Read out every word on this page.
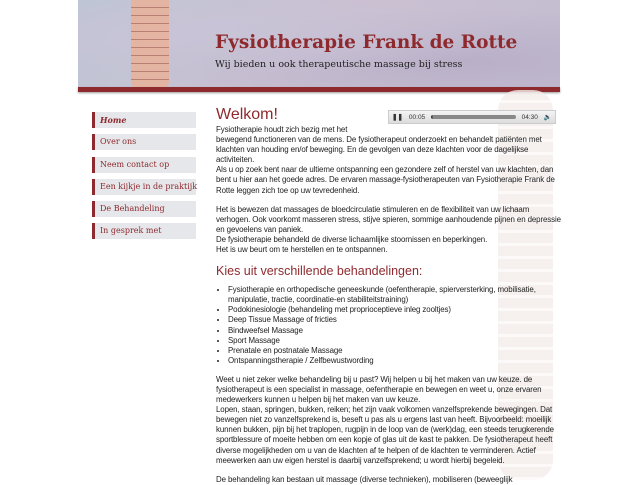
Fysiotherapie Frank de Rotte
Wij bieden u ook therapeutische massage bij stress
Home
Over ons
Neem contact op
Een kijkje in de praktijk
De Behandeling
In gesprek met
Welkom!

Fysiotherapie houdt zich bezig met het
bewegend functioneren van de mens. De fysiotherapeut onderzoekt en behandelt patiënten met klachten van houding en/of beweging. En de gevolgen van deze klachten voor de dagelijkse activiteiten.
Als u op zoek bent naar de ultieme ontspanning een gezondere zelf of herstel van uw klachten, dan bent u hier aan het goede adres. De ervaren massage-fysiotherapeuten van Fysiotherapie Frank de Rotte leggen zich toe op uw tevredenheid.

Het is bewezen dat massages de bloedcirculatie stimuleren en de flexibiliteit van uw lichaam verhogen. Ook voorkomt masseren stress, stijve spieren, sommige aanhoudende pijnen en depressie en gevoelens van paniek.
De fysiotherapie behandeld de diverse lichaamlijke stoornissen en beperkingen.
Het is uw beurt om te herstellen en te ontspannen.

Kies uit verschillende behandelingen:
• Fysiotherapie en orthopedische geneeskunde (oefentherapie, spierversterking, mobilisatie, manipulatie, tractie, coordinatie-en stabiliteitstraining)
• Podokinesiologie (behandeling met proprioceptieve inleg zooltjes)
• Deep Tissue Massage of fricties
• Bindweefsel Massage
• Sport Massage
• Prenatale en postnatale Massage
• Ontspanningstherapie / Zelfbewustwording

Weet u niet zeker welke behandeling bij u past? Wij helpen u bij het maken van uw keuze. de fysiotherapeut is een specialist in massage, oefentherapie en bewegen en weet u, onze ervaren medewerkers kunnen u helpen bij het maken van uw keuze.
Lopen, staan, springen, bukken, reiken; het zijn vaak volkomen vanzelfsprekende bewegingen. Dat bewegen niet zo vanzelfsprekend is, beseft u pas als u ergens last van heeft. Bijvoorbeeld: moeilijk kunnen bukken, pijn bij het traplopen, rugpijn in de loop van de (werk)dag, een steeds terugkerende sportblessure of moeite hebben om een kopje of glas uit de kast te pakken. De fysiotherapeut heeft diverse mogelijkheden om u van de klachten af te helpen of de klachten te verminderen. Actief meewerken aan uw eigen herstel is daarbij vanzelfsprekend; u wordt hierbij begeleid.

De behandeling kan bestaan uit massage (diverse technieken), mobiliseren (beweeglijk

❚❚ 00:05	04:30 🔈
